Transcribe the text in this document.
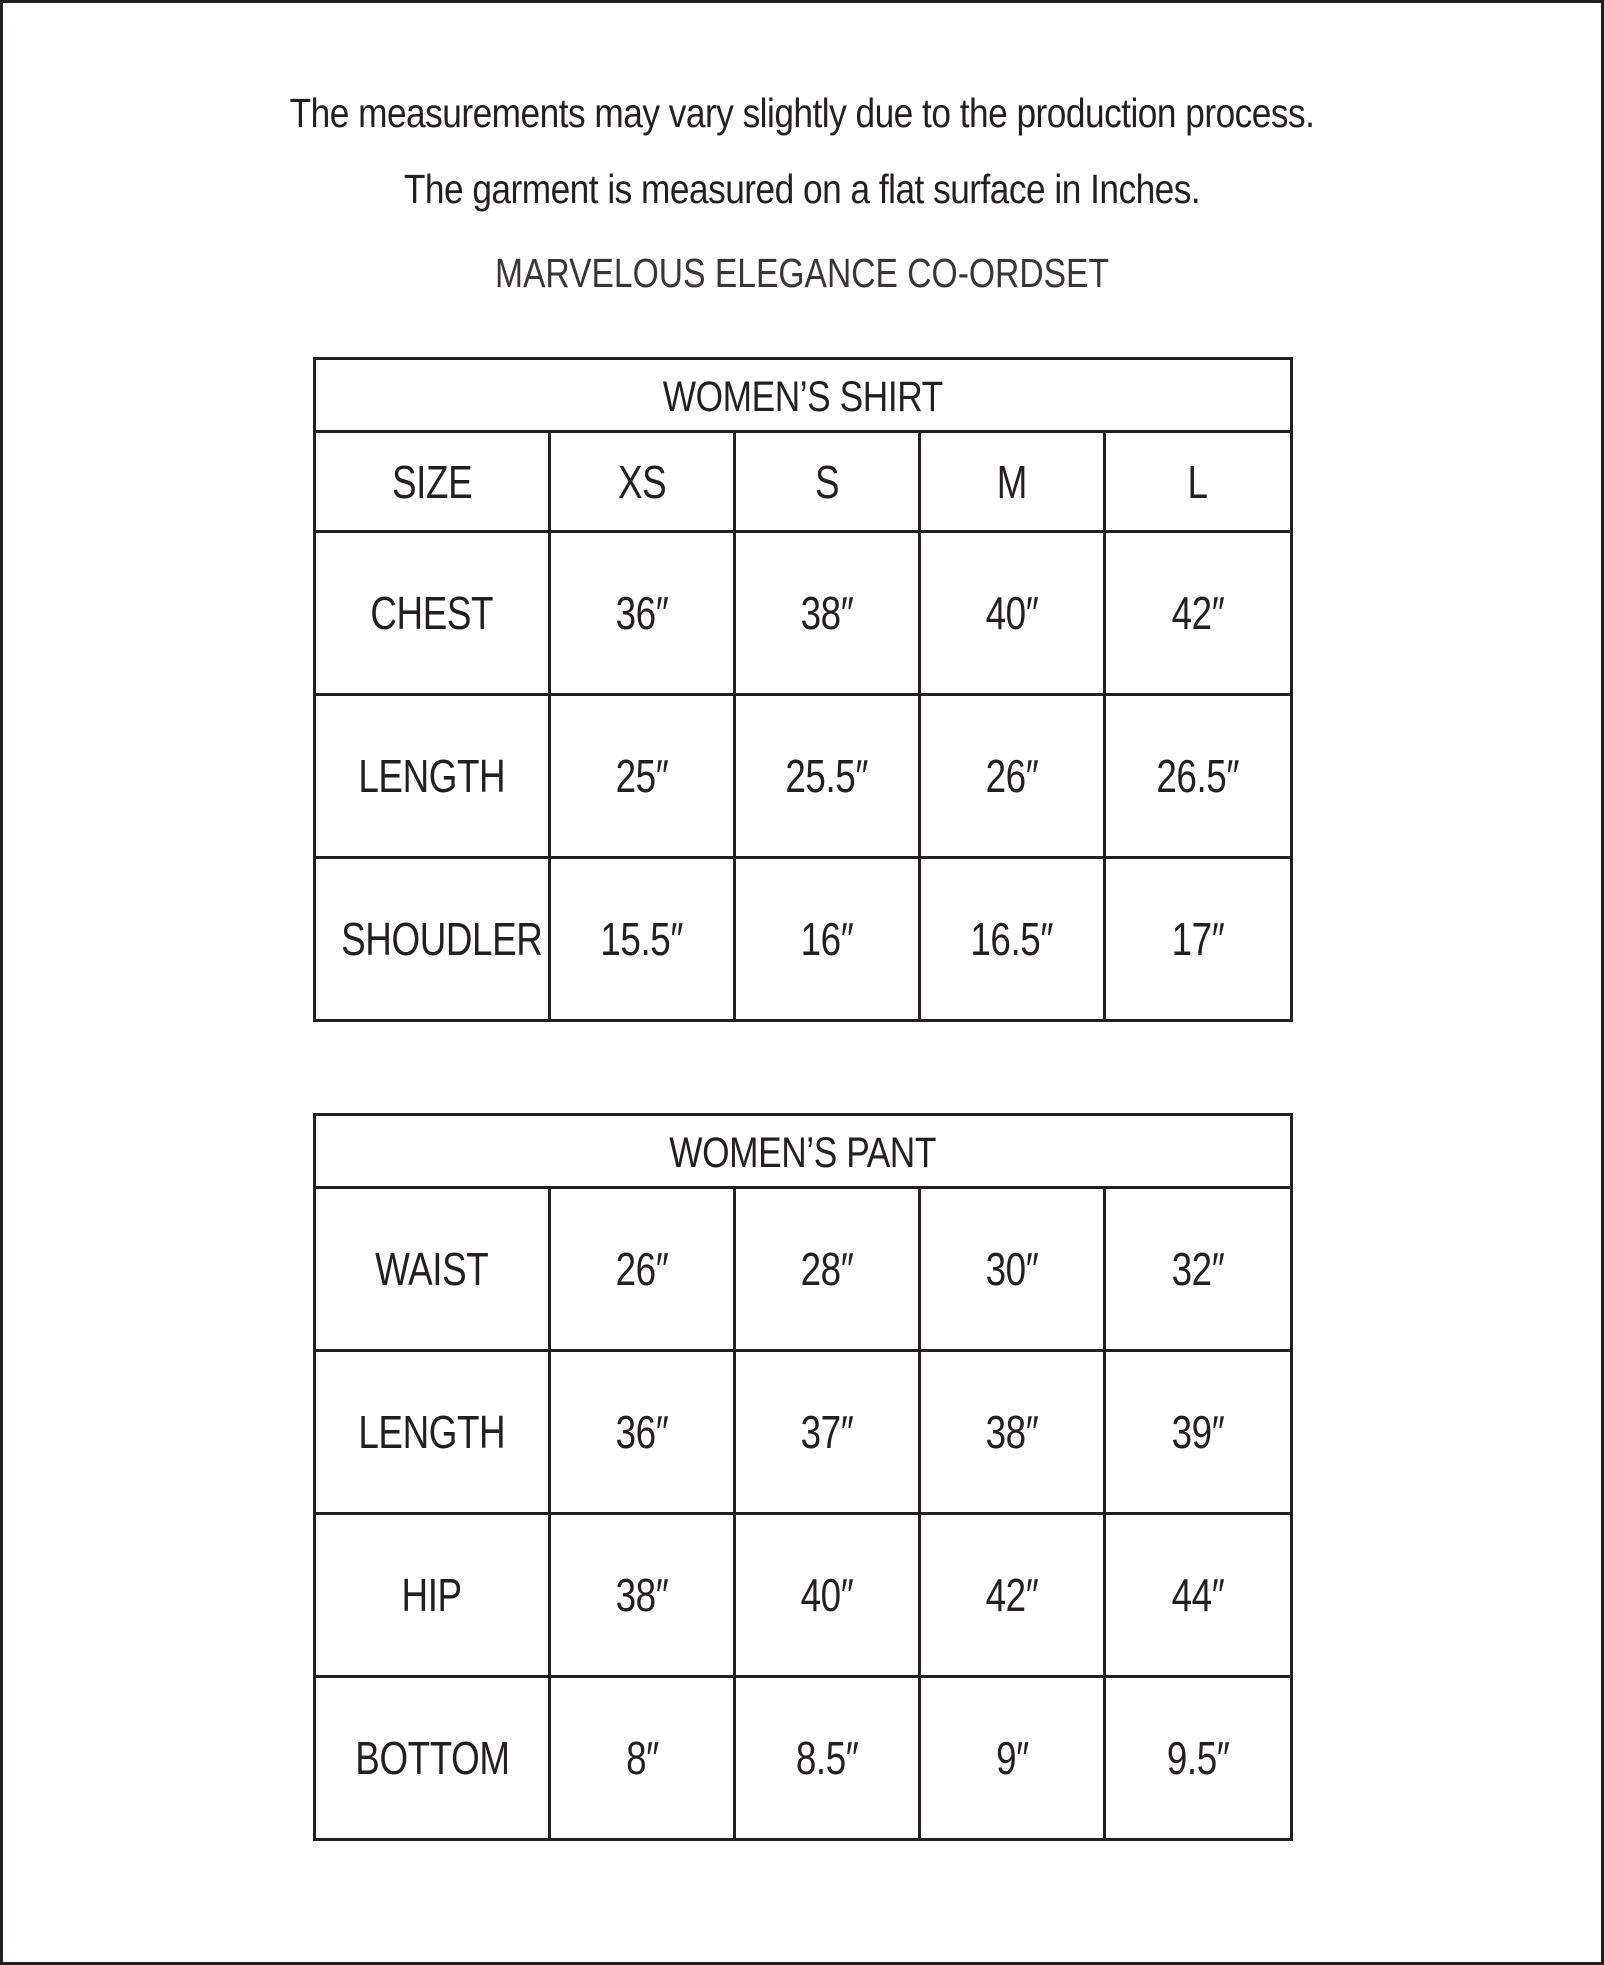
The measurements may vary slightly due to the production process.
The garment is measured on a flat surface in Inches.
MARVELOUS ELEGANCE CO-ORDSET
WOMEN’S SHIRT				
SIZE	XS	S	M	L
CHEST	36″	38″	40″	42″
LENGTH	25″	25.5″	26″	26.5″
SHOUDLER	15.5″	16″	16.5″	17″
WOMEN’S PANT				
WAIST	26″	28″	30″	32″
LENGTH	36″	37″	38″	39″
HIP	38″	40″	42″	44″
BOTTOM	8″	8.5″	9″	9.5″
